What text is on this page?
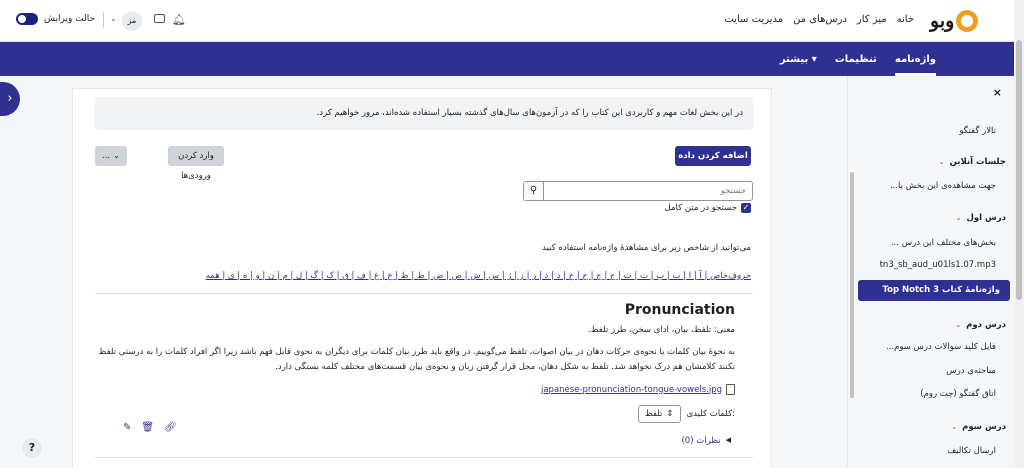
وبو
خانه
میز کار
درس‌های من
مدیریت سایت
حالت ویرایش ⌄	مز	🔔︎
واژه‌نامه
تنظیمات
بیشتر ▾
›
?
در این بخش لغات مهم و کاربردی این کتاب را که در آزمون‌های سال‌های گذشته بسیار استفاده شده‌اند، مرور خواهیم کرد.
اضافه کردن داده
وارد کردن ورودی‌ها
... ⌄
⚲
جستجو
✓
جستجو در متن کامل
می‌توانید از شاخص زیر برای مشاهدهٔ واژه‌نامه استفاده کنید
حروف‌خاص | آ | ا | ب | پ | ت | ث | ج | چ | ح | خ | د | ذ | ر | ز | ژ | س | ش | ص | ض | ط | ظ | ع | غ | ف | ق | ک | گ | ل | م | ن | و | ه | ی | همه
Pronunciation
معنی: تلفظ، بیان، ادای سخن، طرز تلفظ.
به نحوهٔ بیان کلمات یا نحوه‌ی حرکات دهان در بیان اصوات، تلفظ می‌گوییم. در واقع باید طرز بیان کلمات برای دیگران به نحوی قابل فهم باشد زیرا اگر افراد کلمات را به درستی تلفظ نکنند کلامشان هم درک نخواهد شد. تلفظ به شکل دهان، محل قرار گرفتن زبان و نحوه‌ی بیان قسمت‌های مختلف کلمه بستگی دارد.
japanese-pronunciation-tongue-vowels.jpg
کلمات کلیدی:
تلفظ ⇕
✎ 🗑︎ 🔗︎
◀
نظرات (0)
×
تالار گفتگو
جلسات آنلاین
⌄
جهت مشاهده‌ی این بخش با...
درس اول
⌄
بخش‌های مختلف این درس ...
tn3_sb_aud_u01ls1.07.mp3
واژه‌نامهٔ کتاب Top Notch 3
درس دوم
⌄
فایل کلید سوالات درس سوم...
مباحثه‌ی درس
اتاق گفتگو (چت روم)
درس سوم
⌄
ارسال تکالیف
